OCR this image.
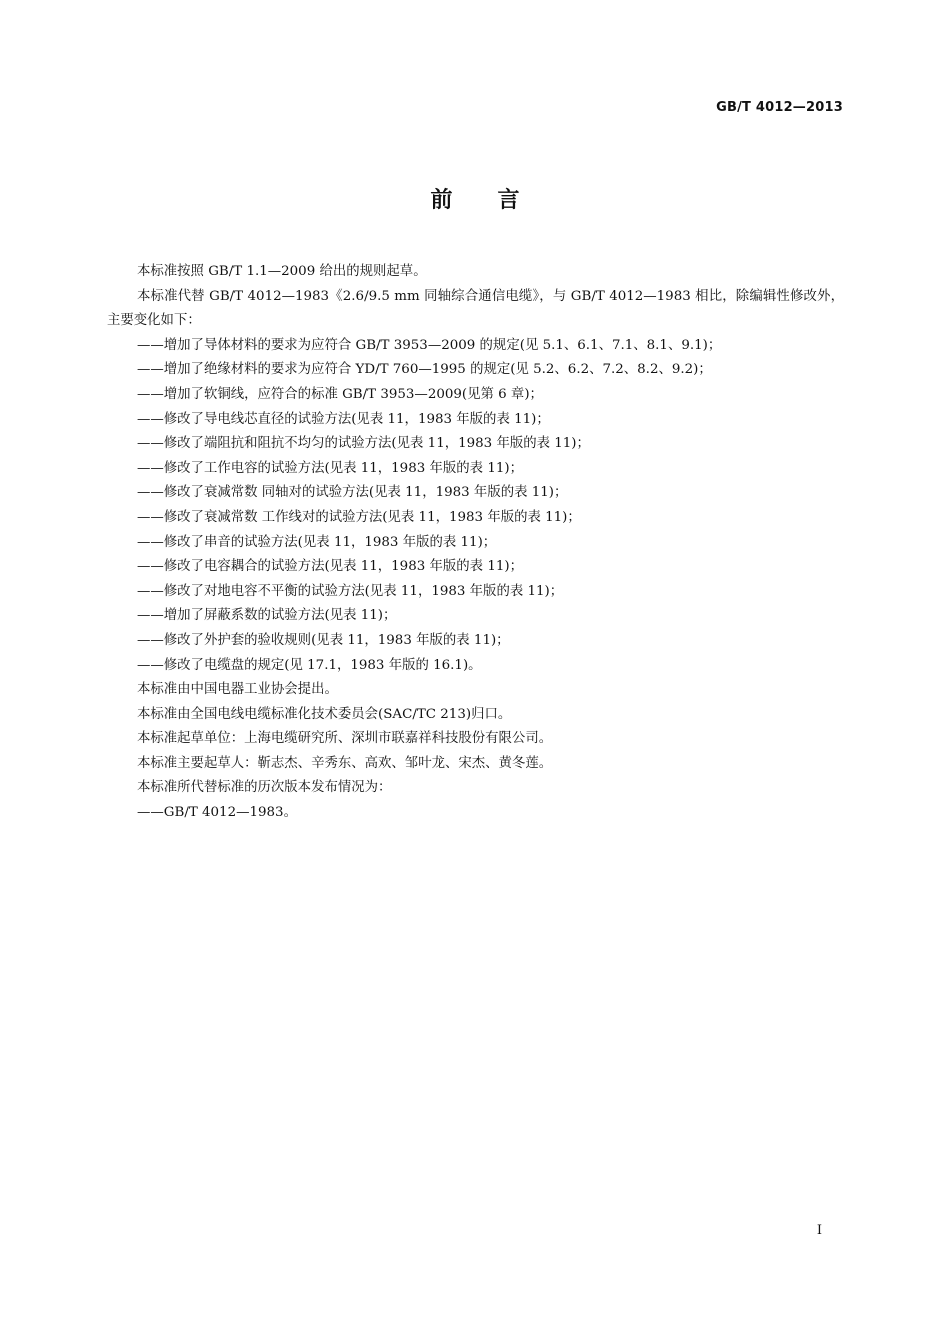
GB/T 4012—2013
前言

本标准按照 GB/T 1.1—2009 给出的规则起草。

本标准代替 GB/T 4012—1983《2.6/9.5 mm 同轴综合通信电缆》，与 GB/T 4012—1983 相比，除编辑性修改外，主要变化如下：

——增加了导体材料的要求为应符合 GB/T 3953—2009 的规定(见 5.1、6.1、7.1、8.1、9.1)；

——增加了绝缘材料的要求为应符合 YD/T 760—1995 的规定(见 5.2、6.2、7.2、8.2、9.2)；

——增加了软铜线，应符合的标准 GB/T 3953—2009(见第 6 章)；

——修改了导电线芯直径的试验方法(见表 11，1983 年版的表 11)；

——修改了端阻抗和阻抗不均匀的试验方法(见表 11，1983 年版的表 11)；

——修改了工作电容的试验方法(见表 11，1983 年版的表 11)；

——修改了衰减常数 同轴对的试验方法(见表 11，1983 年版的表 11)；

——修改了衰减常数 工作线对的试验方法(见表 11，1983 年版的表 11)；

——修改了串音的试验方法(见表 11，1983 年版的表 11)；

——修改了电容耦合的试验方法(见表 11，1983 年版的表 11)；

——修改了对地电容不平衡的试验方法(见表 11，1983 年版的表 11)；

——增加了屏蔽系数的试验方法(见表 11)；

——修改了外护套的验收规则(见表 11，1983 年版的表 11)；

——修改了电缆盘的规定(见 17.1，1983 年版的 16.1)。

本标准由中国电器工业协会提出。

本标准由全国电线电缆标准化技术委员会(SAC/TC 213)归口。

本标准起草单位：上海电缆研究所、深圳市联嘉祥科技股份有限公司。

本标准主要起草人：靳志杰、辛秀东、高欢、邹叶龙、宋杰、黄冬莲。

本标准所代替标准的历次版本发布情况为：

——GB/T 4012—1983。

I
